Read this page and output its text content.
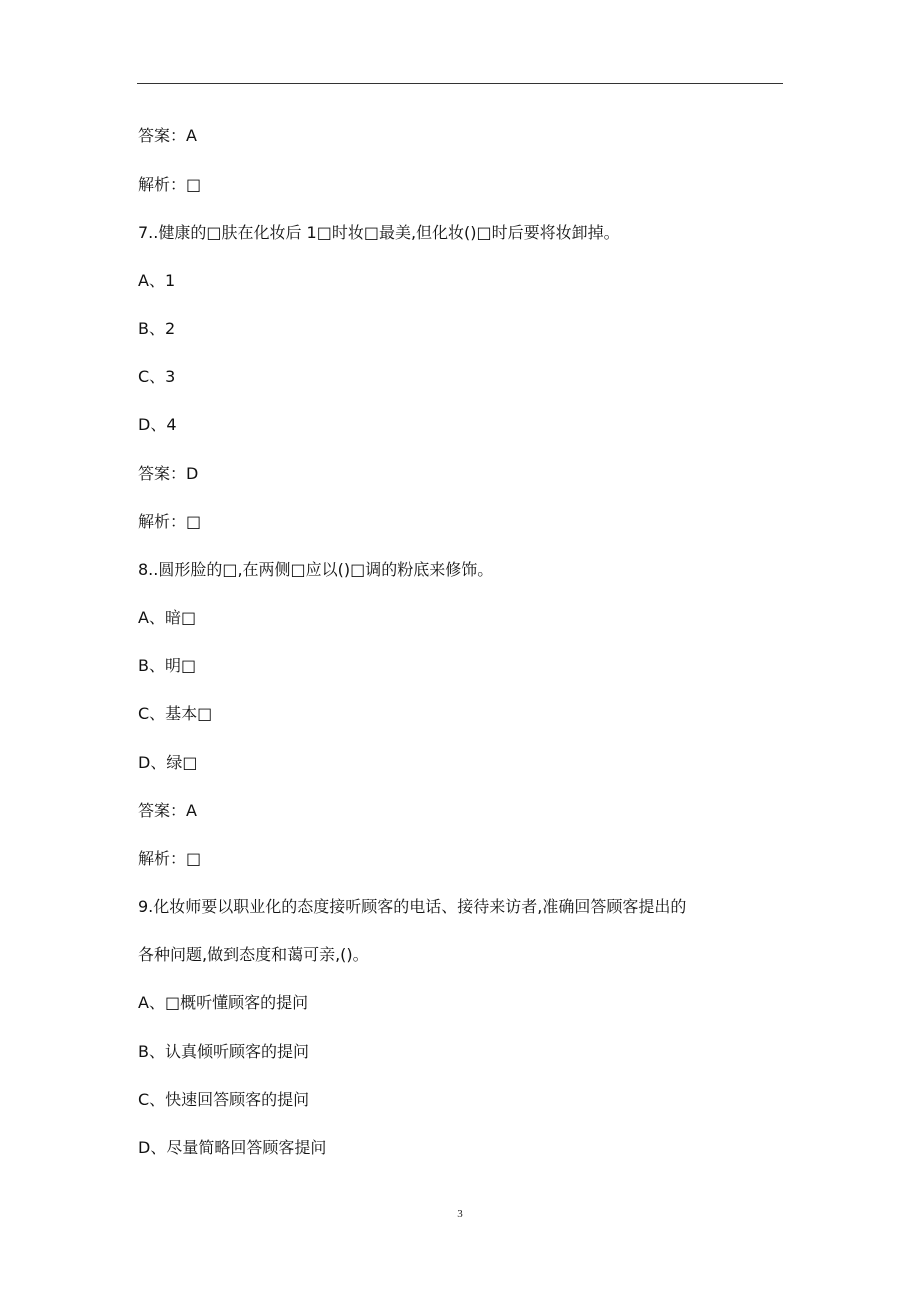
答案：A
解析：□
7..健康的□肤在化妆后 1□时妆□最美,但化妆()□时后要将妆卸掉。
A、1
B、2
C、3
D、4
答案：D
解析：□
8..圆形脸的□,在两侧□应以()□调的粉底来修饰。
A、暗□
B、明□
C、基本□
D、绿□
答案：A
解析：□
9.化妆师要以职业化的态度接听顾客的电话、接待来访者,准确回答顾客提出的
各种问题,做到态度和蔼可亲,()。
A、□概听懂顾客的提问
B、认真倾听顾客的提问
C、快速回答顾客的提问
D、尽量简略回答顾客提问
3
